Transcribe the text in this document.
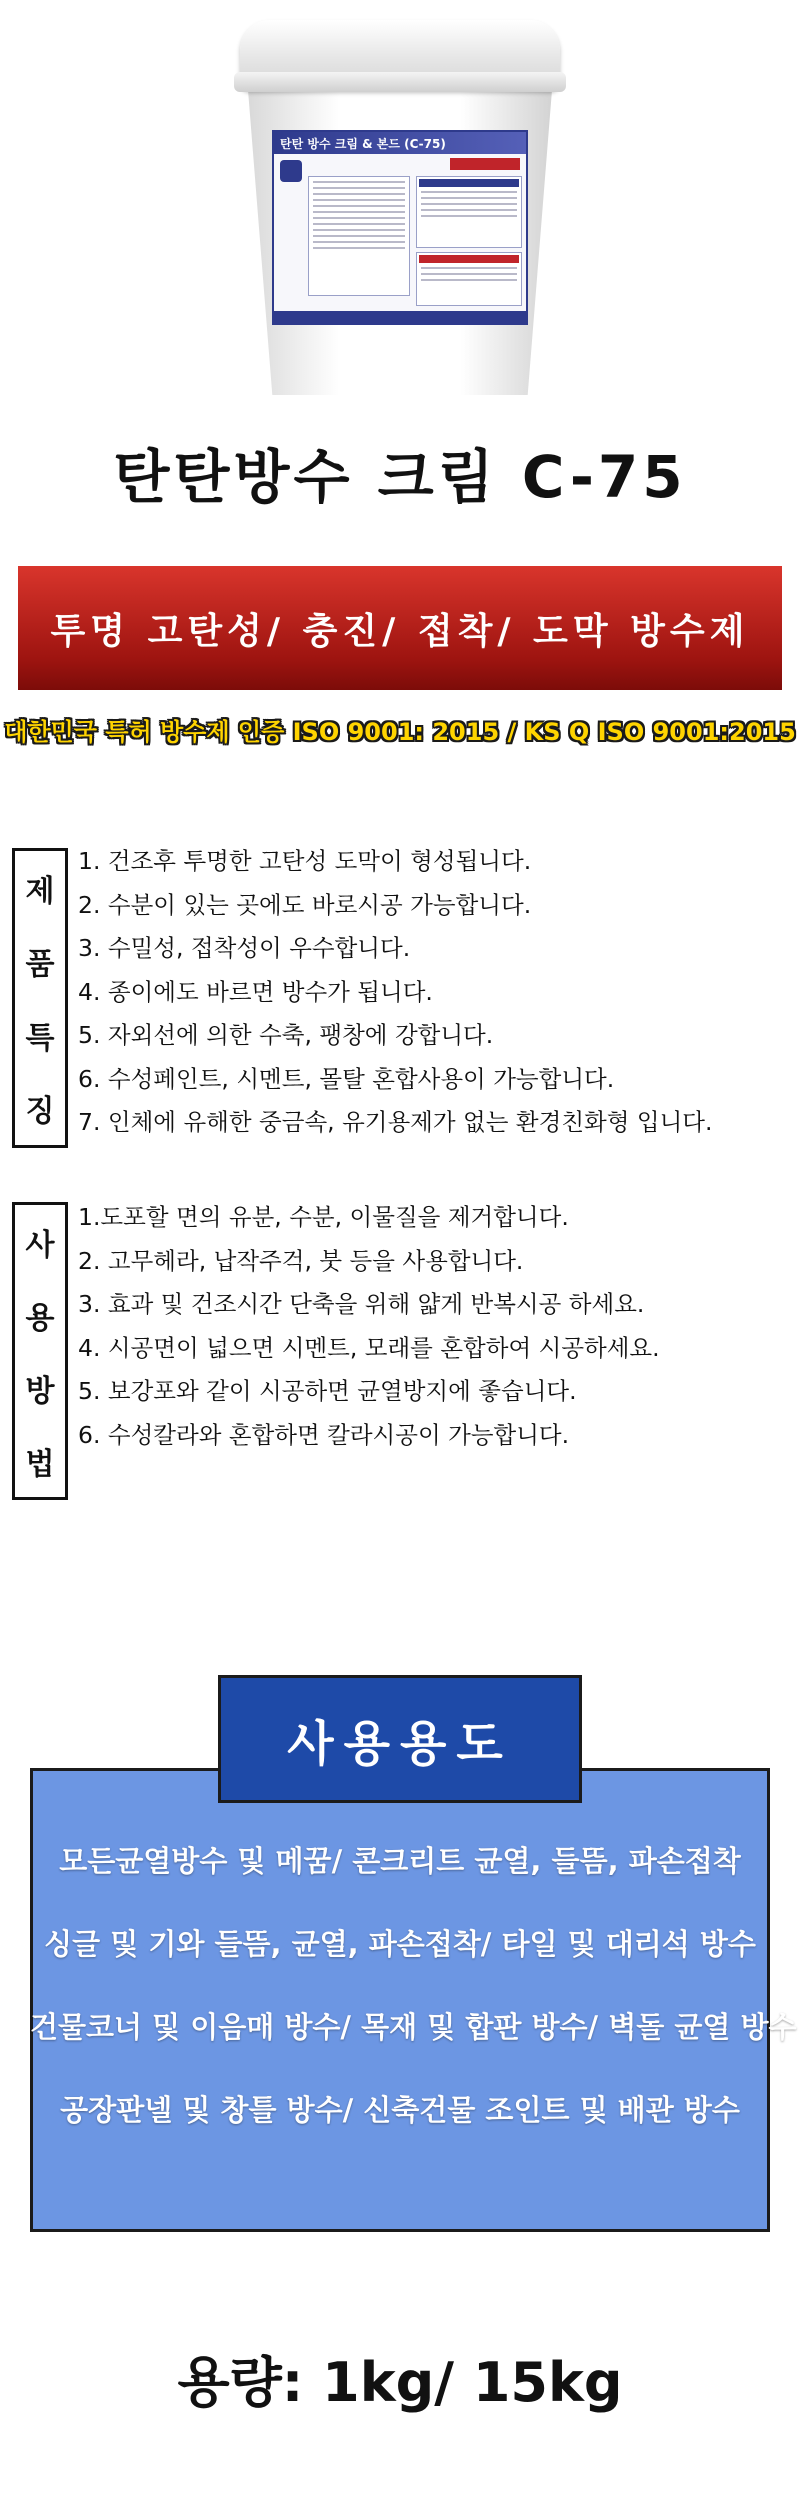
탄탄 방수 크림 & 본드 (C-75)
탄탄방수 크림 C-75
투명 고탄성/ 충진/ 접착/ 도막 방수제
대한민국 특허 방수제 인증 ISO 9001: 2015 / KS Q ISO 9001:2015
제
품
특
징
1. 건조후 투명한 고탄성 도막이 형성됩니다.
2. 수분이 있는 곳에도 바로시공 가능합니다.
3. 수밀성, 접착성이 우수합니다.
4. 종이에도 바르면 방수가 됩니다.
5. 자외선에 의한 수축, 팽창에 강합니다.
6. 수성페인트, 시멘트, 몰탈 혼합사용이 가능합니다.
7. 인체에 유해한 중금속, 유기용제가 없는 환경친화형 입니다.
사
용
방
법
1.도포할 면의 유분, 수분, 이물질을 제거합니다.
2. 고무헤라, 납작주걱, 붓 등을 사용합니다.
3. 효과 및 건조시간 단축을 위해 얇게 반복시공 하세요.
4. 시공면이 넓으면 시멘트, 모래를 혼합하여 시공하세요.
5. 보강포와 같이 시공하면 균열방지에 좋습니다.
6. 수성칼라와 혼합하면 칼라시공이 가능합니다.
사용용도
모든균열방수 및 메꿈/ 콘크리트 균열, 들뜸, 파손접착
싱글 및 기와 들뜸, 균열, 파손접착/ 타일 및 대리석 방수
건물코너 및 이음매 방수/ 목재 및 합판 방수/ 벽돌 균열 방수
공장판넬 및 창틀 방수/ 신축건물 조인트 및 배관 방수
용량: 1kg/ 15kg
